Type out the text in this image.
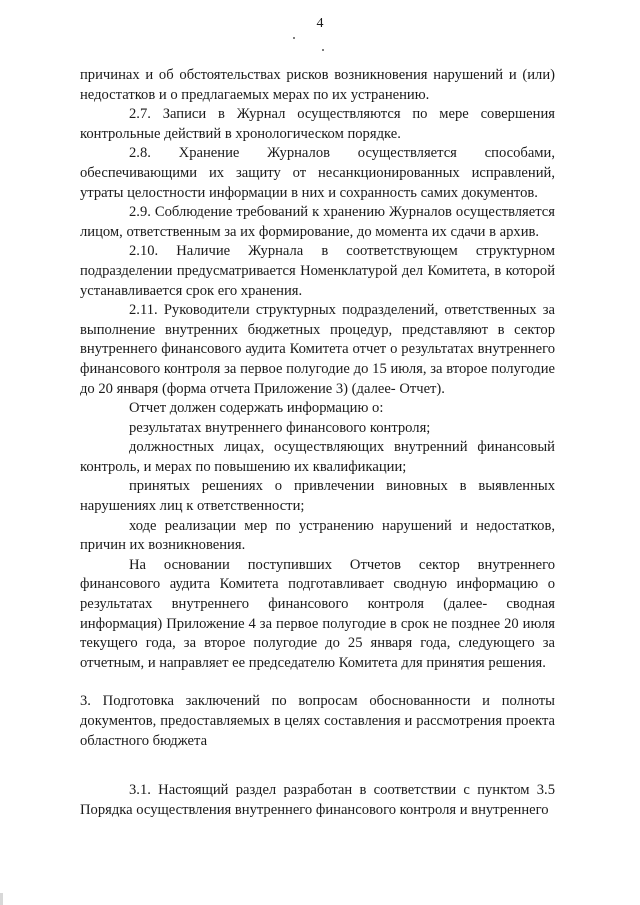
4

причинах и об обстоятельствах рисков возникновения нарушений и (или) недостатков и о предлагаемых мерах по их устранению.

2.7. Записи в Журнал осуществляются по мере совершения контрольные действий в хронологическом порядке.

2.8. Хранение Журналов осуществляется способами, обеспечивающими их защиту от несанкционированных исправлений, утраты целостности информации в них и сохранность самих документов.

2.9. Соблюдение требований к хранению Журналов осуществляется лицом, ответственным за их формирование, до момента их сдачи в архив.

2.10. Наличие Журнала в соответствующем структурном подразделении предусматривается Номенклатурой дел Комитета, в которой устанавливается срок его хранения.

2.11. Руководители структурных подразделений, ответственных за выполнение внутренних бюджетных процедур, представляют в сектор внутреннего финансового аудита Комитета отчет о результатах внутреннего финансового контроля за первое полугодие до 15 июля, за второе полугодие до 20 января (форма отчета Приложение 3) (далее- Отчет).

Отчет должен содержать информацию о:

результатах внутреннего финансового контроля;

должностных лицах, осуществляющих внутренний финансовый контроль, и мерах по повышению их квалификации;

принятых решениях о привлечении виновных в выявленных нарушениях лиц к ответственности;

ходе реализации мер по устранению нарушений и недостатков, причин их возникновения.

На основании поступивших Отчетов сектор внутреннего финансового аудита Комитета подготавливает сводную информацию о результатах внутреннего финансового контроля (далее- сводная информация) Приложение 4 за первое полугодие в срок не позднее 20 июля текущего года, за второе полугодие до 25 января года, следующего за отчетным, и направляет ее председателю Комитета для принятия решения.

3. Подготовка заключений по вопросам обоснованности и полноты документов, предоставляемых в целях составления и рассмотрения проекта областного бюджета

3.1. Настоящий раздел разработан в соответствии с пунктом 3.5 Порядка осуществления внутреннего финансового контроля и внутреннего
